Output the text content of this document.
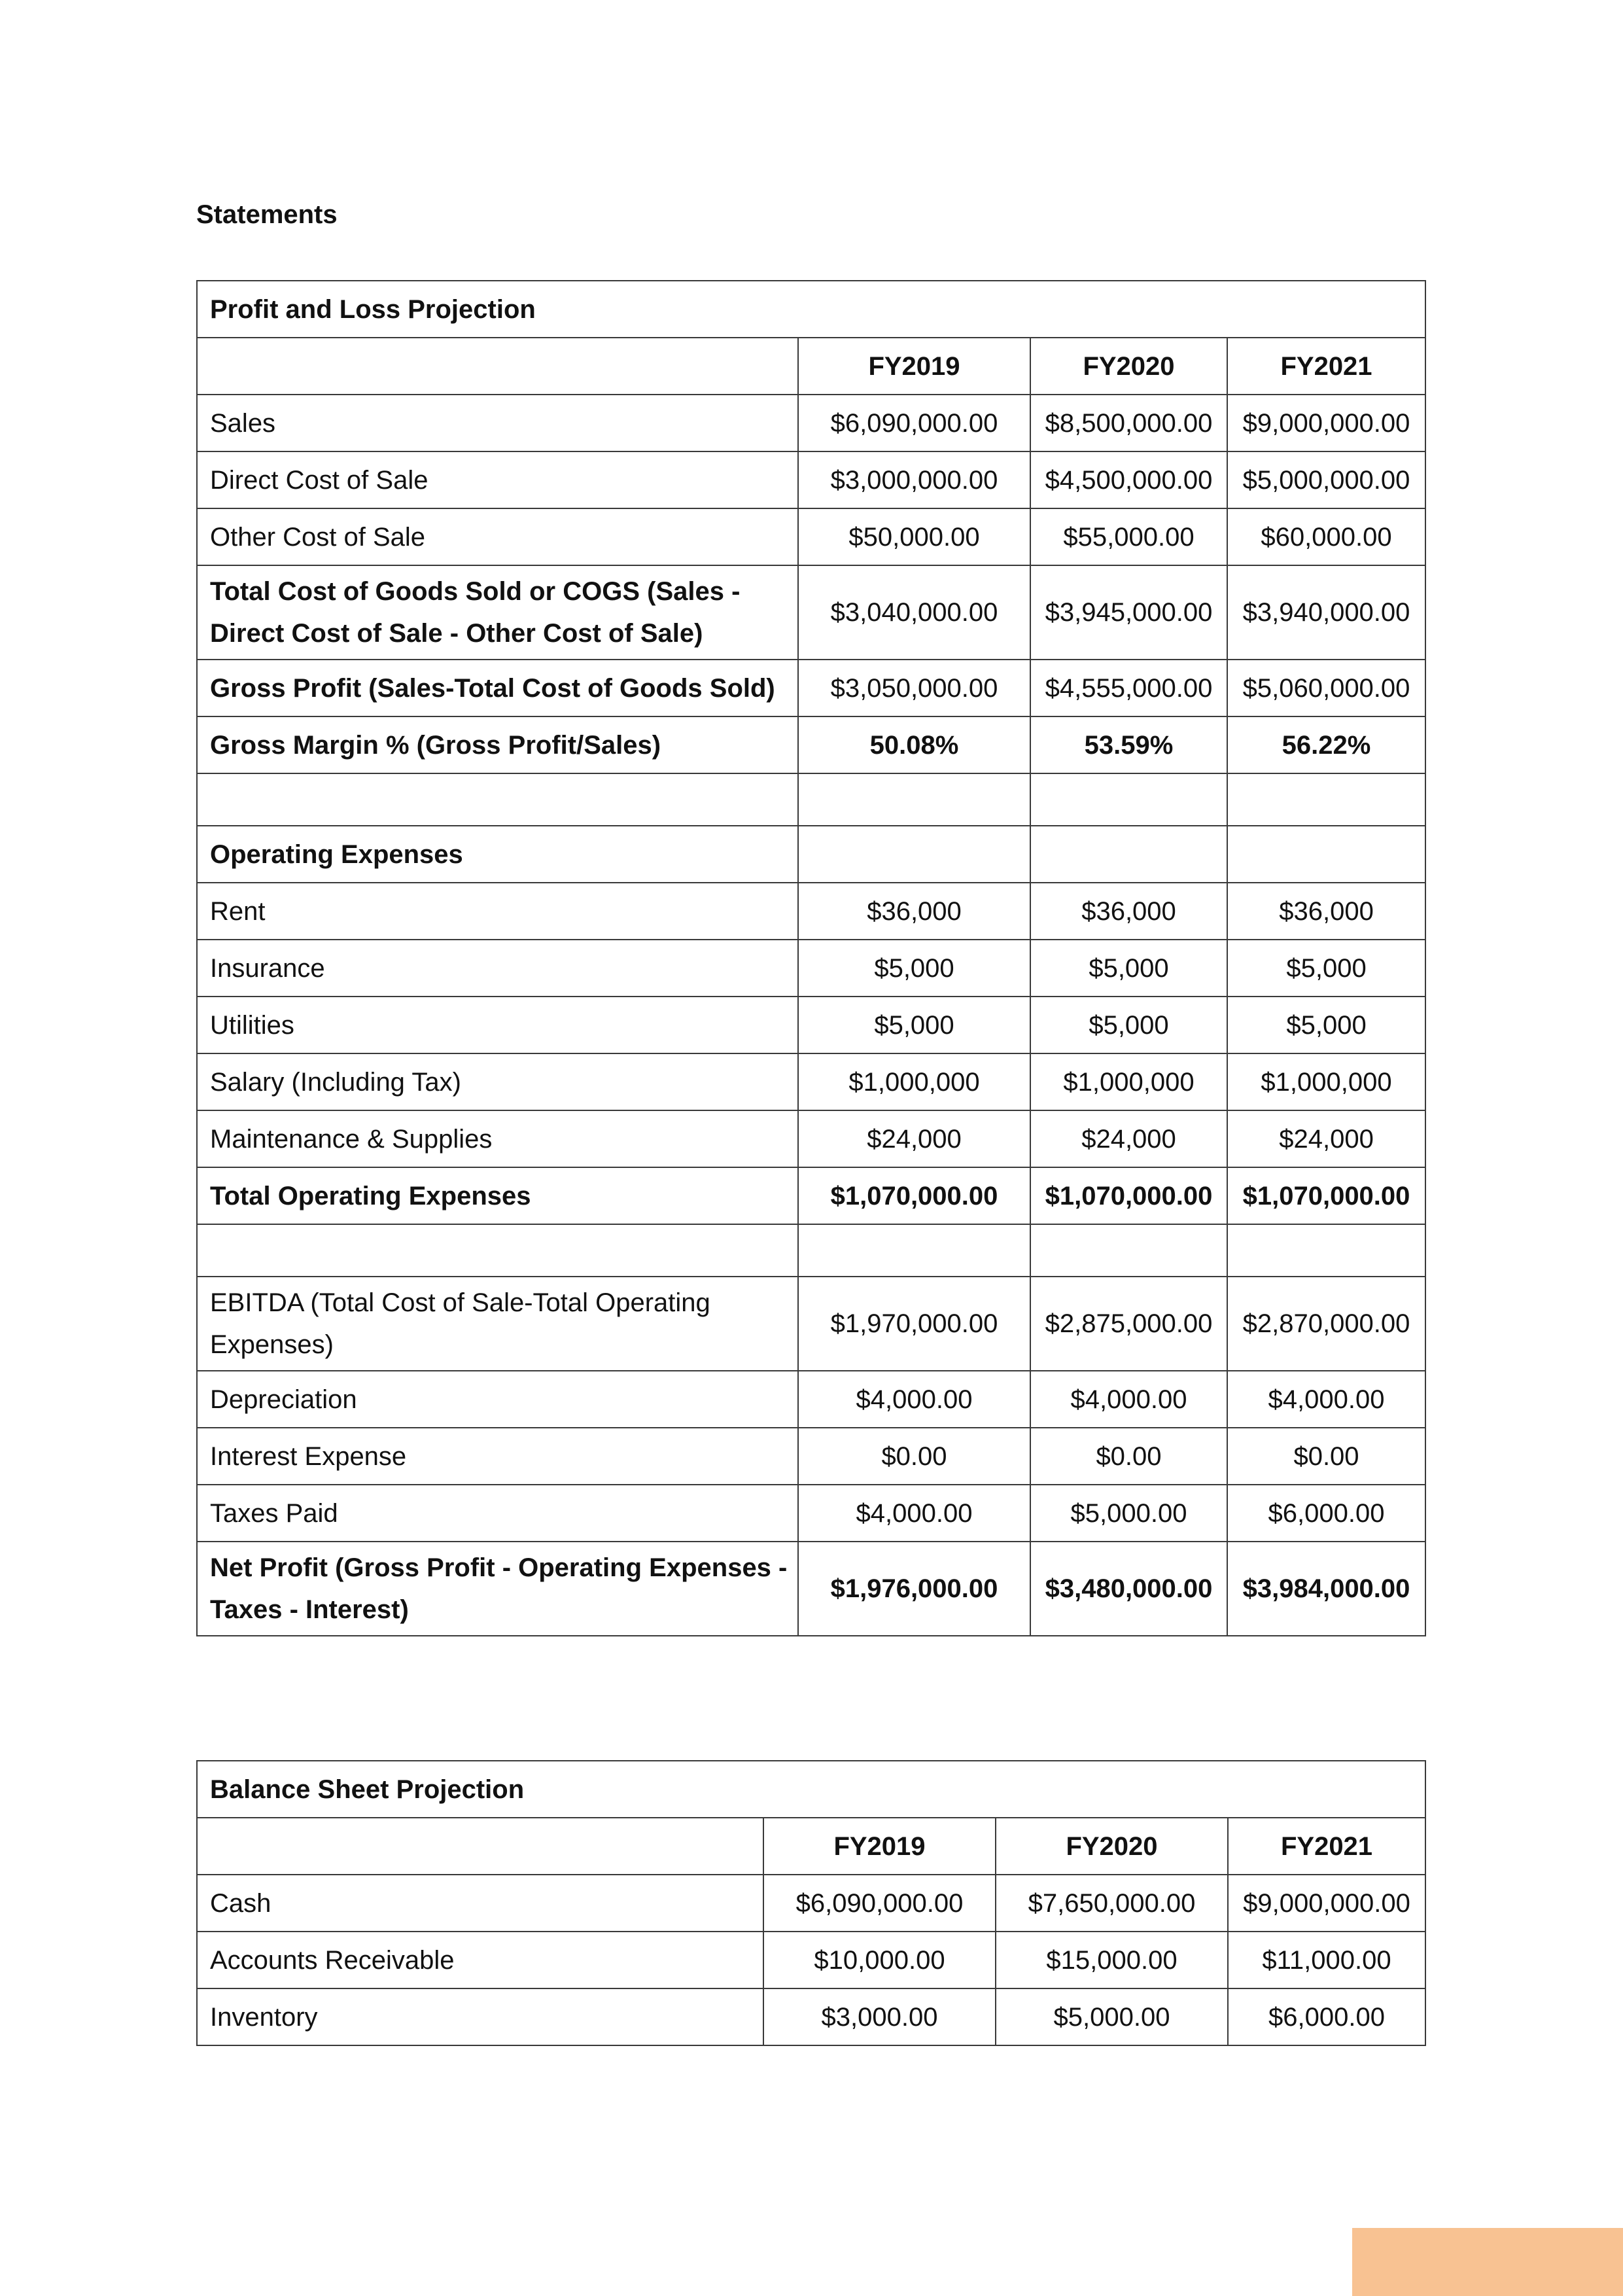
Statements
Profit and Loss Projection			
	FY2019	FY2020	FY2021
Sales	$6,090,000.00	$8,500,000.00	$9,000,000.00
Direct Cost of Sale	$3,000,000.00	$4,500,000.00	$5,000,000.00
Other Cost of Sale	$50,000.00	$55,000.00	$60,000.00
Total Cost of Goods Sold or COGS (Sales - Direct Cost of Sale - Other Cost of Sale)	$3,040,000.00	$3,945,000.00	$3,940,000.00
Gross Profit (Sales-Total Cost of Goods Sold)	$3,050,000.00	$4,555,000.00	$5,060,000.00
Gross Margin % (Gross Profit/Sales)	50.08%	53.59%	56.22%

Operating Expenses			
Rent	$36,000	$36,000	$36,000
Insurance	$5,000	$5,000	$5,000
Utilities	$5,000	$5,000	$5,000
Salary (Including Tax)	$1,000,000	$1,000,000	$1,000,000
Maintenance & Supplies	$24,000	$24,000	$24,000
Total Operating Expenses	$1,070,000.00	$1,070,000.00	$1,070,000.00

EBITDA (Total Cost of Sale-Total Operating Expenses)	$1,970,000.00	$2,875,000.00	$2,870,000.00
Depreciation	$4,000.00	$4,000.00	$4,000.00
Interest Expense	$0.00	$0.00	$0.00
Taxes Paid	$4,000.00	$5,000.00	$6,000.00
Net Profit (Gross Profit - Operating Expenses - Taxes - Interest)	$1,976,000.00	$3,480,000.00	$3,984,000.00
Balance Sheet Projection			
	FY2019	FY2020	FY2021
Cash	$6,090,000.00	$7,650,000.00	$9,000,000.00
Accounts Receivable	$10,000.00	$15,000.00	$11,000.00
Inventory	$3,000.00	$5,000.00	$6,000.00
